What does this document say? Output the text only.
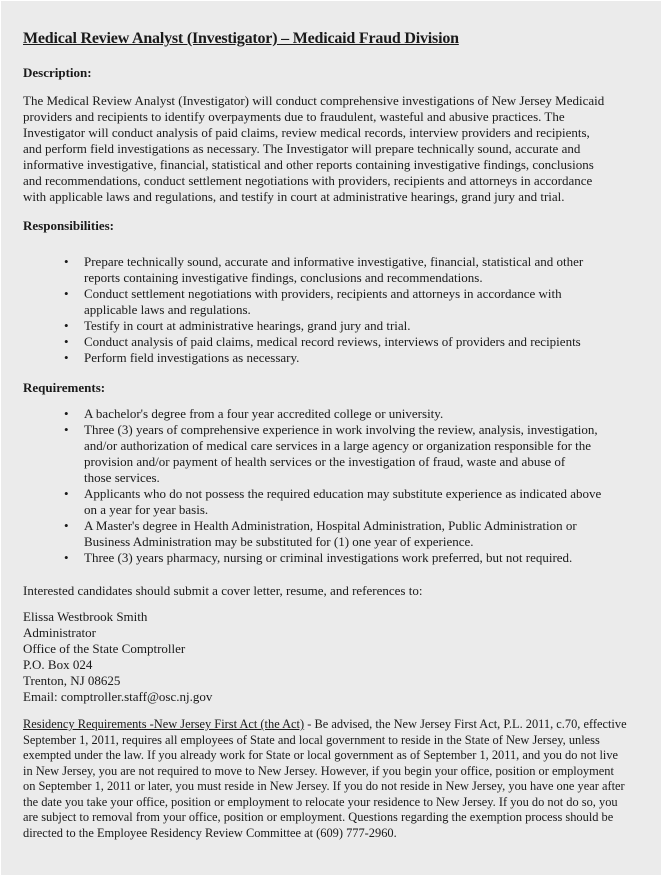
Medical Review Analyst (Investigator) – Medicaid Fraud Division
Description:
The Medical Review Analyst (Investigator) will conduct comprehensive investigations of New Jersey Medicaid
providers and recipients to identify overpayments due to fraudulent, wasteful and abusive practices. The
Investigator will conduct analysis of paid claims, review medical records, interview providers and recipients,
and perform field investigations as necessary. The Investigator will prepare technically sound, accurate and
informative investigative, financial, statistical and other reports containing investigative findings, conclusions
and recommendations, conduct settlement negotiations with providers, recipients and attorneys in accordance
with applicable laws and regulations, and testify in court at administrative hearings, grand jury and trial.
Responsibilities:
• Prepare technically sound, accurate and informative investigative, financial, statistical and other
reports containing investigative findings, conclusions and recommendations.
• Conduct settlement negotiations with providers, recipients and attorneys in accordance with
applicable laws and regulations.
• Testify in court at administrative hearings, grand jury and trial.
• Conduct analysis of paid claims, medical record reviews, interviews of providers and recipients
• Perform field investigations as necessary.
Requirements:
• A bachelor's degree from a four year accredited college or university.
• Three (3) years of comprehensive experience in work involving the review, analysis, investigation,
and/or authorization of medical care services in a large agency or organization responsible for the
provision and/or payment of health services or the investigation of fraud, waste and abuse of
those services.
• Applicants who do not possess the required education may substitute experience as indicated above
on a year for year basis.
• A Master's degree in Health Administration, Hospital Administration, Public Administration or
Business Administration may be substituted for (1) one year of experience.
• Three (3) years pharmacy, nursing or criminal investigations work preferred, but not required.
Interested candidates should submit a cover letter, resume, and references to:
Elissa Westbrook Smith
Administrator
Office of the State Comptroller
P.O. Box 024
Trenton, NJ 08625
Email: comptroller.staff@osc.nj.gov
Residency Requirements -New Jersey First Act (the Act) - Be advised, the New Jersey First Act, P.L. 2011, c.70, effective
September 1, 2011, requires all employees of State and local government to reside in the State of New Jersey, unless
exempted under the law. If you already work for State or local government as of September 1, 2011, and you do not live
in New Jersey, you are not required to move to New Jersey. However, if you begin your office, position or employment
on September 1, 2011 or later, you must reside in New Jersey. If you do not reside in New Jersey, you have one year after
the date you take your office, position or employment to relocate your residence to New Jersey. If you do not do so, you
are subject to removal from your office, position or employment. Questions regarding the exemption process should be
directed to the Employee Residency Review Committee at (609) 777-2960.
